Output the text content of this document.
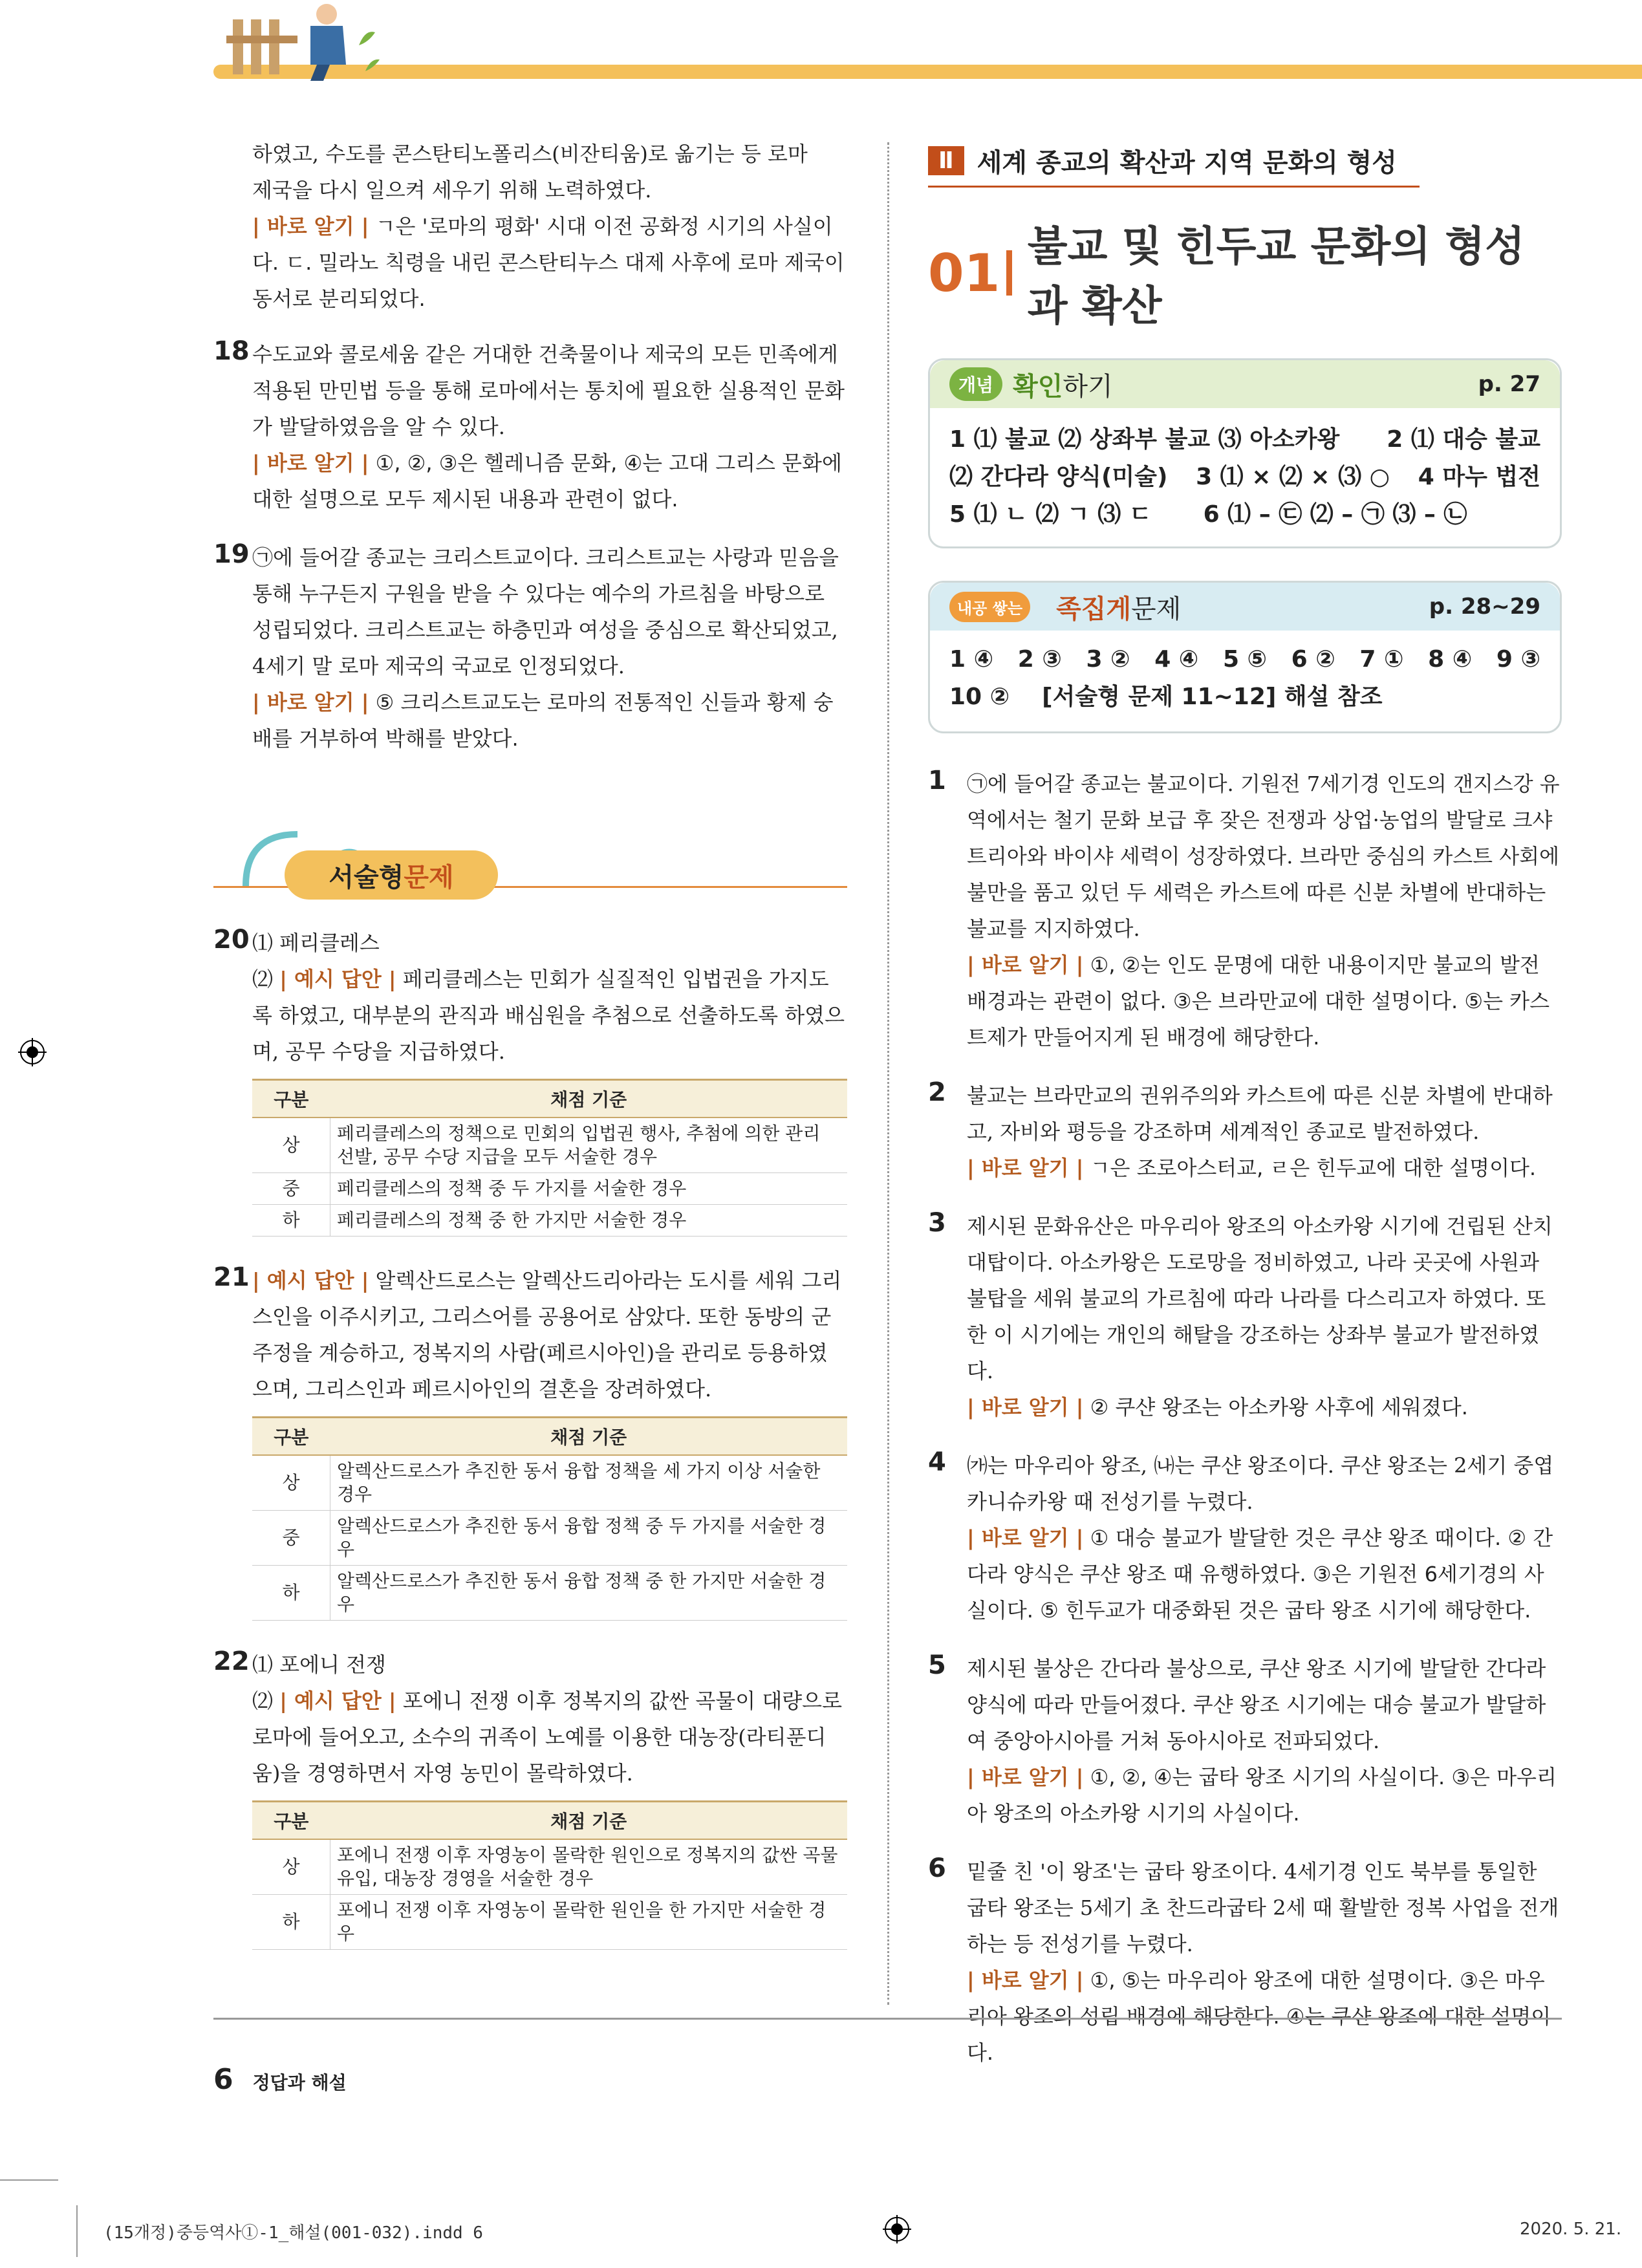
하였고, 수도를 콘스탄티노폴리스(비잔티움)로 옮기는 등 로마

제국을 다시 일으켜 세우기 위해 노력하였다.

| 바로 알기 | ㄱ은 '로마의 평화' 시대 이전 공화정 시기의 사실이다. ㄷ. 밀라노 칙령을 내린 콘스탄티누스 대제 사후에 로마 제국이 동서로 분리되었다.

18 수도교와 콜로세움 같은 거대한 건축물이나 제국의 모든 민족에게 적용된 만민법 등을 통해 로마에서는 통치에 필요한 실용적인 문화가 발달하였음을 알 수 있다.

| 바로 알기 | ①, ②, ③은 헬레니즘 문화, ④는 고대 그리스 문화에 대한 설명으로 모두 제시된 내용과 관련이 없다.

19 ㉠에 들어갈 종교는 크리스트교이다. 크리스트교는 사랑과 믿음을 통해 누구든지 구원을 받을 수 있다는 예수의 가르침을 바탕으로 성립되었다. 크리스트교는 하층민과 여성을 중심으로 확산되었고, 4세기 말 로마 제국의 국교로 인정되었다.

| 바로 알기 | ⑤ 크리스트교도는 로마의 전통적인 신들과 황제 숭배를 거부하여 박해를 받았다.

서술형 문제
20 ⑴ 페리클레스

⑵ | 예시 답안 | 페리클레스는 민회가 실질적인 입법권을 가지도록 하였고, 대부분의 관직과 배심원을 추첨으로 선출하도록 하였으며, 공무 수당을 지급하였다.

구분	채점 기준
상	페리클레스의 정책으로 민회의 입법권 행사, 추첨에 의한 관리 선발, 공무 수당 지급을 모두 서술한 경우
중	페리클레스의 정책 중 두 가지를 서술한 경우
하	페리클레스의 정책 중 한 가지만 서술한 경우
21 | 예시 답안 | 알렉산드로스는 알렉산드리아라는 도시를 세워 그리스인을 이주시키고, 그리스어를 공용어로 삼았다. 또한 동방의 군주정을 계승하고, 정복지의 사람(페르시아인)을 관리로 등용하였으며, 그리스인과 페르시아인의 결혼을 장려하였다.

구분	채점 기준
상	알렉산드로스가 추진한 동서 융합 정책을 세 가지 이상 서술한 경우
중	알렉산드로스가 추진한 동서 융합 정책 중 두 가지를 서술한 경우
하	알렉산드로스가 추진한 동서 융합 정책 중 한 가지만 서술한 경우
22 ⑴ 포에니 전쟁

⑵ | 예시 답안 | 포에니 전쟁 이후 정복지의 값싼 곡물이 대량으로 로마에 들어오고, 소수의 귀족이 노예를 이용한 대농장(라티푼디움)을 경영하면서 자영 농민이 몰락하였다.

구분	채점 기준
상	포에니 전쟁 이후 자영농이 몰락한 원인으로 정복지의 값싼 곡물 유입, 대농장 경영을 서술한 경우
하	포에니 전쟁 이후 자영농이 몰락한 원인을 한 가지만 서술한 경우
Ⅱ 세계 종교의 확산과 지역 문화의 형성
01 불교 및 힌두교 문화의 형성과 확산
개념 확인 하기	p. 27
1 ⑴ 불교 ⑵ 상좌부 불교 ⑶ 아소카왕 2 ⑴ 대승 불교
⑵ 간다라 양식(미술) 3 ⑴ × ⑵ × ⑶ ○ 4 마누 법전
5 ⑴ ㄴ ⑵ ㄱ ⑶ ㄷ 6 ⑴ – ㉢ ⑵ – ㉠ ⑶ – ㉡
내공 쌓는	족집게 문제	p. 28~29
1 ④ 2 ③ 3 ② 4 ④ 5 ⑤ 6 ② 7 ① 8 ④ 9 ③
10 ② [서술형 문제 11~12] 해설 참조
1 ㉠에 들어갈 종교는 불교이다. 기원전 7세기경 인도의 갠지스강 유역에서는 철기 문화 보급 후 잦은 전쟁과 상업·농업의 발달로 크샤트리아와 바이샤 세력이 성장하였다. 브라만 중심의 카스트 사회에 불만을 품고 있던 두 세력은 카스트에 따른 신분 차별에 반대하는 불교를 지지하였다.

| 바로 알기 | ①, ②는 인도 문명에 대한 내용이지만 불교의 발전 배경과는 관련이 없다. ③은 브라만교에 대한 설명이다. ⑤는 카스트제가 만들어지게 된 배경에 해당한다.

2 불교는 브라만교의 권위주의와 카스트에 따른 신분 차별에 반대하고, 자비와 평등을 강조하며 세계적인 종교로 발전하였다.

| 바로 알기 | ㄱ은 조로아스터교, ㄹ은 힌두교에 대한 설명이다.

3 제시된 문화유산은 마우리아 왕조의 아소카왕 시기에 건립된 산치 대탑이다. 아소카왕은 도로망을 정비하였고, 나라 곳곳에 사원과 불탑을 세워 불교의 가르침에 따라 나라를 다스리고자 하였다. 또한 이 시기에는 개인의 해탈을 강조하는 상좌부 불교가 발전하였다.

| 바로 알기 | ② 쿠샨 왕조는 아소카왕 사후에 세워졌다.

4 ㈎는 마우리아 왕조, ㈏는 쿠샨 왕조이다. 쿠샨 왕조는 2세기 중엽 카니슈카왕 때 전성기를 누렸다.

| 바로 알기 | ① 대승 불교가 발달한 것은 쿠샨 왕조 때이다. ② 간다라 양식은 쿠샨 왕조 때 유행하였다. ③은 기원전 6세기경의 사실이다. ⑤ 힌두교가 대중화된 것은 굽타 왕조 시기에 해당한다.

5 제시된 불상은 간다라 불상으로, 쿠샨 왕조 시기에 발달한 간다라 양식에 따라 만들어졌다. 쿠샨 왕조 시기에는 대승 불교가 발달하여 중앙아시아를 거쳐 동아시아로 전파되었다.

| 바로 알기 | ①, ②, ④는 굽타 왕조 시기의 사실이다. ③은 마우리아 왕조의 아소카왕 시기의 사실이다.

6 밑줄 친 '이 왕조'는 굽타 왕조이다. 4세기경 인도 북부를 통일한 굽타 왕조는 5세기 초 찬드라굽타 2세 때 활발한 정복 사업을 전개하는 등 전성기를 누렸다.

| 바로 알기 | ①, ⑤는 마우리아 왕조에 대한 설명이다. ③은 마우리아 왕조의 성립 배경에 해당한다. ④는 쿠샨 왕조에 대한 설명이다.

6 정답과 해설
(15개정)중등역사①-1_해설(001-032).indd 6	2020. 5. 21.
